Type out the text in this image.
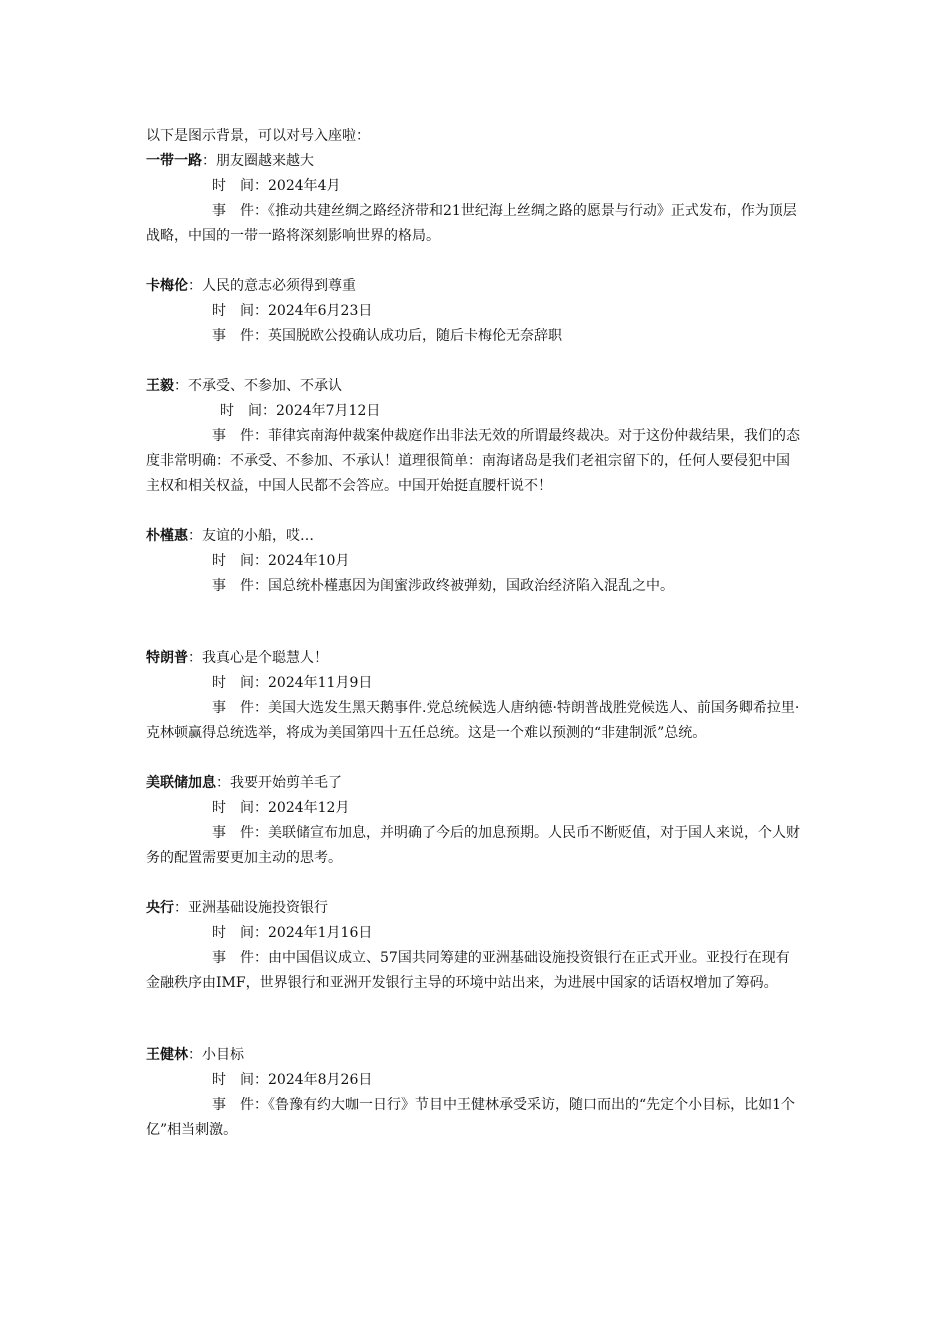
以下是图示背景，可以对号入座啦：
一带一路：朋友圈越来越大
时　间：2024年4月
事　件：《推动共建丝绸之路经济带和21世纪海上丝绸之路的愿景与行动》正式发布，作为顶层战略，中国的一带一路将深刻影响世界的格局。
卡梅伦：人民的意志必须得到尊重
时　间：2024年6月23日
事　件：英国脱欧公投确认成功后，随后卡梅伦无奈辞职
王毅：不承受、不参加、不承认
时　间：2024年7月12日
事　件：菲律宾南海仲裁案仲裁庭作出非法无效的所谓最终裁决。对于这份仲裁结果，我们的态度非常明确：不承受、不参加、不承认！道理很简单：南海诸岛是我们老祖宗留下的，任何人要侵犯中国主权和相关权益，中国人民都不会答应。中国开始挺直腰杆说不！
朴槿惠：友谊的小船，哎…
时　间：2024年10月
事　件：国总统朴槿惠因为闺蜜涉政终被弹劾，国政治经济陷入混乱之中。
特朗普：我真心是个聪慧人！
时　间：2024年11月9日
事　件：美国大选发生黑天鹅事件.党总统候选人唐纳德·特朗普战胜党候选人、前国务卿希拉里·克林顿赢得总统选举，将成为美国第四十五任总统。这是一个难以预测的“非建制派”总统。
美联储加息：我要开始剪羊毛了
时　间：2024年12月
事　件：美联储宣布加息，并明确了今后的加息预期。人民币不断贬值，对于国人来说，个人财务的配置需要更加主动的思考。
央行：亚洲基础设施投资银行
时　间：2024年1月16日
事　件：由中国倡议成立、57国共同筹建的亚洲基础设施投资银行在正式开业。亚投行在现有金融秩序由IMF，世界银行和亚洲开发银行主导的环境中站出来，为进展中国家的话语权增加了筹码。
王健林：小目标
时　间：2024年8月26日
事　件：《鲁豫有约大咖一日行》节目中王健林承受采访，随口而出的“先定个小目标，比如1个亿”相当刺激。
